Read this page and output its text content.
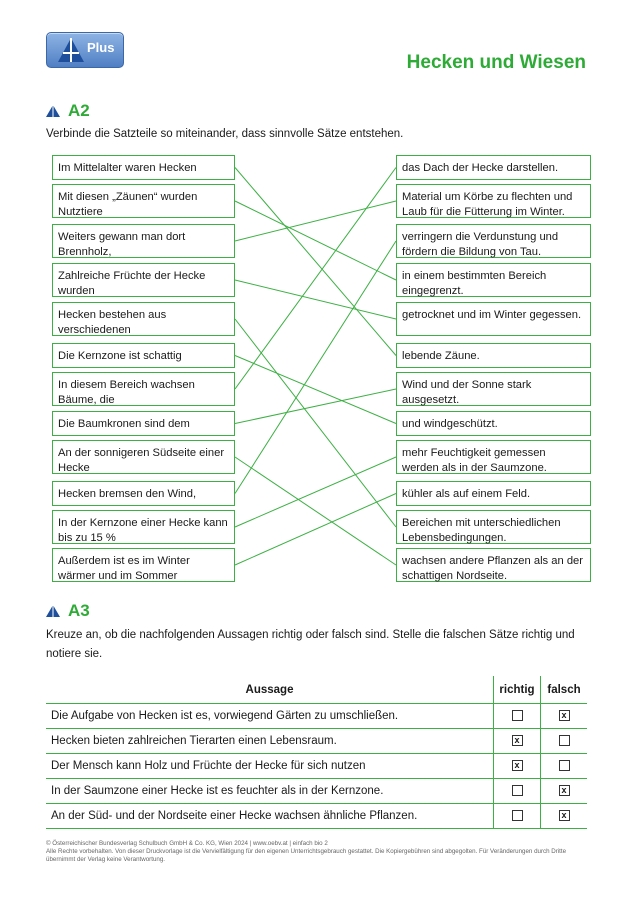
Plus
Hecken und Wiesen
A2
Verbinde die Satzteile so miteinander, dass sinnvolle Sätze entstehen.
Im Mittelalter waren Hecken
Mit diesen „Zäunen“ wurden Nutztiere
Weiters gewann man dort Brennholz,
Zahlreiche Früchte der Hecke wurden
Hecken bestehen aus verschiedenen
Die Kernzone ist schattig
In diesem Bereich wachsen Bäume, die
Die Baumkronen sind dem
An der sonnigeren Südseite einer Hecke
Hecken bremsen den Wind,
In der Kernzone einer Hecke kann bis zu 15 %
Außerdem ist es im Winter wärmer und im Sommer
das Dach der Hecke darstellen.
Material um Körbe zu flechten und Laub für die Fütterung im Winter.
verringern die Verdunstung und fördern die Bildung von Tau.
in einem bestimmten Bereich eingegrenzt.
getrocknet und im Winter gegessen.
lebende Zäune.
Wind und der Sonne stark ausgesetzt.
und windgeschützt.
mehr Feuchtigkeit gemessen werden als in der Saumzone.
kühler als auf einem Feld.
Bereichen mit unterschiedlichen Lebensbedingungen.
wachsen andere Pflanzen als an der schattigen Nordseite.
A3
Kreuze an, ob die nachfolgenden Aussagen richtig oder falsch sind. Stelle die falschen Sätze richtig und notiere sie.
Aussage	richtig	falsch
Die Aufgabe von Hecken ist es, vorwiegend Gärten zu umschließen.		x
Hecken bieten zahlreichen Tierarten einen Lebensraum.	x	
Der Mensch kann Holz und Früchte der Hecke für sich nutzen	x	
In der Saumzone einer Hecke ist es feuchter als in der Kernzone.		x
An der Süd- und der Nordseite einer Hecke wachsen ähnliche Pflanzen.		x
© Österreichischer Bundesverlag Schulbuch GmbH & Co. KG, Wien 2024 | www.oebv.at | einfach bio 2
Alle Rechte vorbehalten. Von dieser Druckvorlage ist die Vervielfältigung für den eigenen Unterrichtsgebrauch gestattet. Die Kopiergebühren sind abgegolten. Für Veränderungen durch Dritte übernimmt der Verlag keine Verantwortung.
